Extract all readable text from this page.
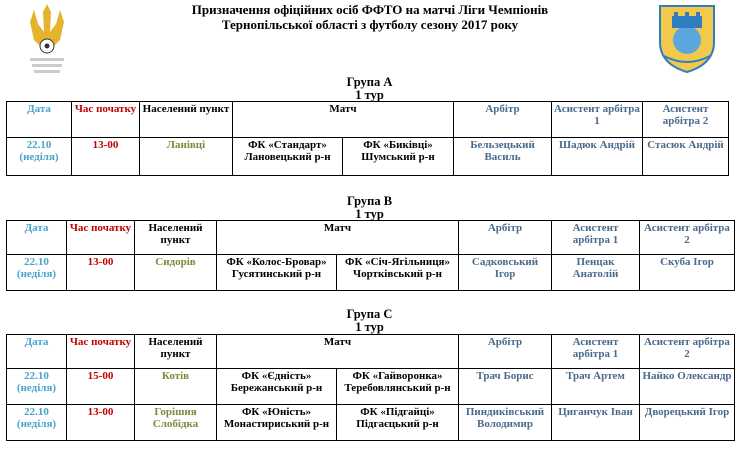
Призначення офіційних осіб ФФТО на матчі Ліги Чемпіонів
Тернопільської області з футболу сезону 2017 року
Група А
1 тур
Дата	Час початку	Населений пункт	Матч		Арбітр	Асистент арбітра 1	Асистент арбітра 2
22.10 (неділя)	13-00	Ланівці	ФК «Стандарт» Лановецький р-н	ФК «Биківці» Шумський р-н	Бельзецький Василь	Шадюк Андрій	Стасюк Андрій
Група В
1 тур
Дата	Час початку	Населений пункт	Матч		Арбітр	Асистент арбітра 1	Асистент арбітра 2
22.10 (неділя)	13-00	Сидорів	ФК «Колос-Бровар» Гусятинський р-н	ФК «Січ-Ягільниця» Чортківський р-н	Садковський Ігор	Пенцак Анатолій	Скуба Ігор
Група С
1 тур
Дата	Час початку	Населений пункт	Матч		Арбітр	Асистент арбітра 1	Асистент арбітра 2
22.10 (неділя)	15-00	Котів	ФК «Єдність» Бережанський р-н	ФК «Гайворонка» Теребовлянський р-н	Трач Борис	Трач Артем	Найко Олександр
22.10 (неділя)	13-00	Горішня Слобідка	ФК «Юність» Монастириський р-н	ФК «Підгайці» Підгаєцький р-н	Пиндиківський Володимир	Циганчук Іван	Дворецький Ігор
